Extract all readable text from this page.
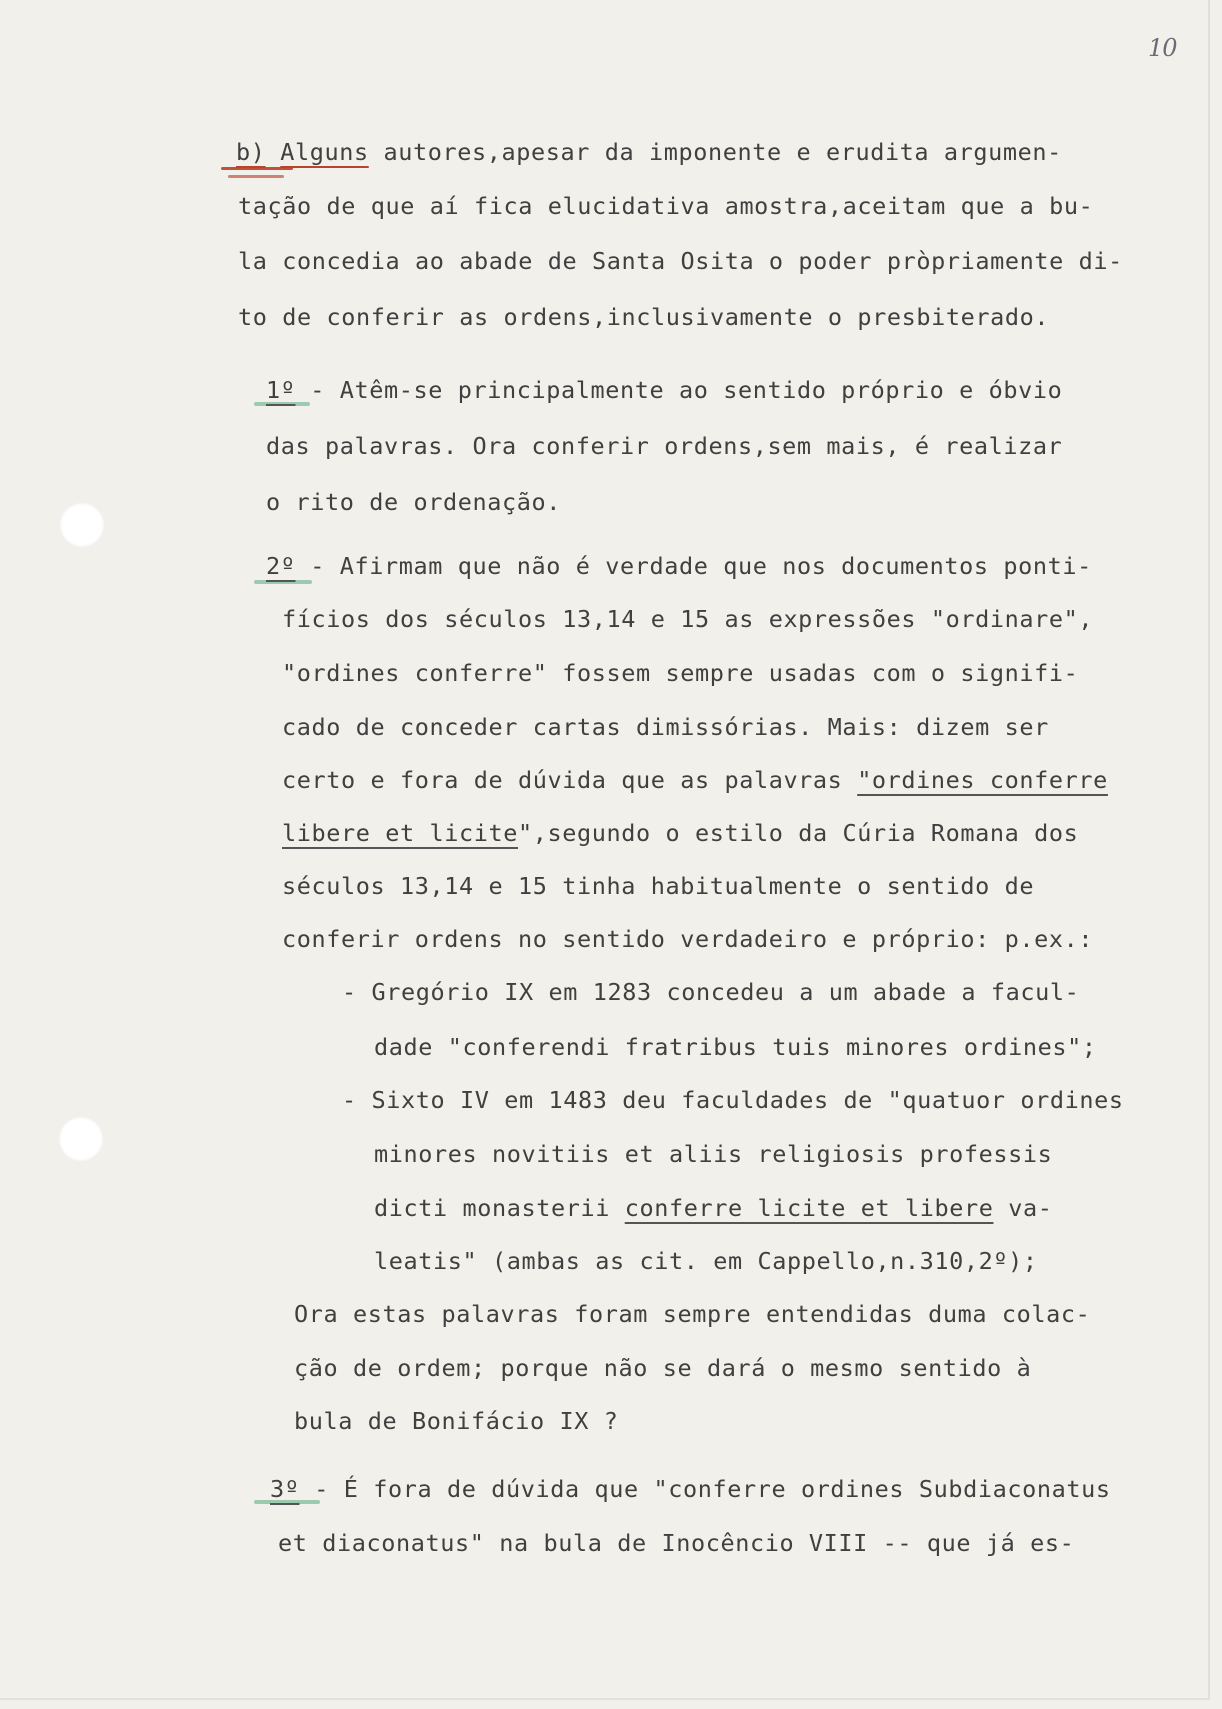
10
b) Alguns autores,apesar da imponente e erudita argumen-
tação de que aí fica elucidativa amostra,aceitam que a bu-
la concedia ao abade de Santa Osita o poder pròpriamente di-
to de conferir as ordens,inclusivamente o presbiterado.
1º - Atêm-se principalmente ao sentido próprio e óbvio
das palavras. Ora conferir ordens,sem mais, é realizar
o rito de ordenação.
2º - Afirmam que não é verdade que nos documentos ponti-
fícios dos séculos 13,14 e 15 as expressões "ordinare",
"ordines conferre" fossem sempre usadas com o signifi-
cado de conceder cartas dimissórias. Mais: dizem ser
certo e fora de dúvida que as palavras "ordines conferre
libere et licite",segundo o estilo da Cúria Romana dos
séculos 13,14 e 15 tinha habitualmente o sentido de
conferir ordens no sentido verdadeiro e próprio: p.ex.:
- Gregório IX em 1283 concedeu a um abade a facul-
dade "conferendi fratribus tuis minores ordines";
- Sixto IV em 1483 deu faculdades de "quatuor ordines
minores novitiis et aliis religiosis professis
dicti monasterii conferre licite et libere va-
leatis" (ambas as cit. em Cappello,n.310,2º);
Ora estas palavras foram sempre entendidas duma colac-
ção de ordem; porque não se dará o mesmo sentido à
bula de Bonifácio IX ?
3º - É fora de dúvida que "conferre ordines Subdiaconatus
et diaconatus" na bula de Inocêncio VIII -- que já es-
